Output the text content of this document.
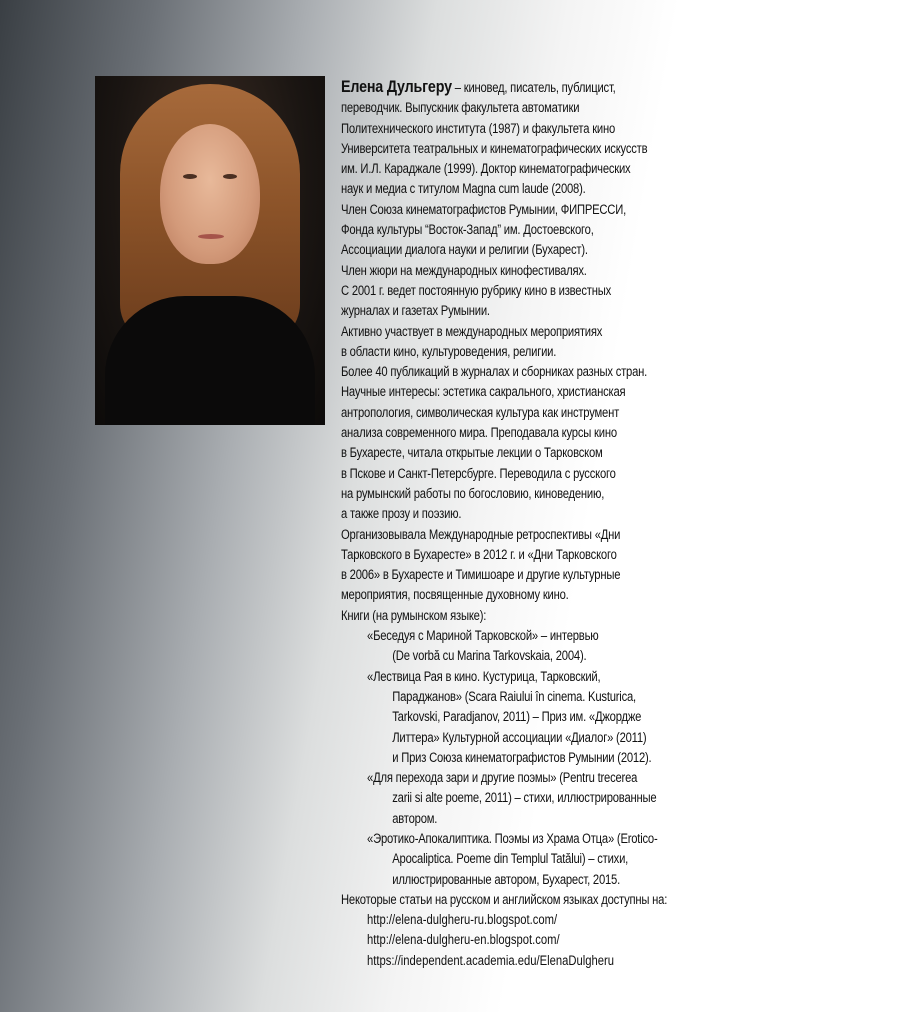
Елена Дульгеру – киновед, писатель, публицист,
переводчик. Выпускник факультета автоматики
Политехнического института (1987) и факультета кино
Университета театральных и кинематографических искусств
им. И.Л. Караджале (1999). Доктор кинематографических
наук и медиа с титулом Magna cum laude (2008).
Член Союза кинематографистов Румынии, ФИПРЕССИ,
Фонда культуры “Восток-Запад” им. Достоевского,
Ассоциации диалога науки и религии (Бухарест).
Член жюри на международных кинофестивалях.
С 2001 г. ведет постоянную рубрику кино в известных
журналах и газетах Румынии.
Активно участвует в международных мероприятиях
в области кино, культуроведения, религии.
Более 40 публикаций в журналах и сборниках разных стран.
Научные интересы: эстетика сакрального, христианская
антропология, символическая культура как инструмент
анализа современного мира. Преподавала курсы кино
в Бухаресте, читала открытые лекции о Тарковском
в Пскове и Санкт-Петерсбурге. Переводила с русского
на румынский работы по богословию, киноведению,
а также прозу и поэзию.
Организовывала Международные ретроспективы «Дни
Тарковского в Бухаресте» в 2012 г. и «Дни Тарковского
в 2006» в Бухаресте и Тимишоаре и другие культурные
мероприятия, посвященные духовному кино.
Книги (на румынском языке):
«Беседуя с Мариной Тарковской» – интервью
(De vorbă cu Marina Tarkovskaia, 2004).
«Лествица Рая в кино. Кустурица, Тарковский,
Параджанов» (Scara Raiului în cinema. Kusturica,
Tarkovski, Paradjanov, 2011) – Приз им. «Джордже
Литтера» Культурной ассоциации «Диалог» (2011)
и Приз Союза кинематографистов Румынии (2012).
«Для перехода зари и другие поэмы» (Pentru trecerea
zarii si alte poeme, 2011) – стихи, иллюстрированные
автором.
«Эротико-Апокалиптика. Поэмы из Храма Отца» (Erotico-
Apocaliptica. Poeme din Templul Tatălui) – стихи,
иллюстрированные автором, Бухарест, 2015.
Некоторые статьи на русском и английском языках доступны на:
http://elena-dulgheru-ru.blogspot.com/
http://elena-dulgheru-en.blogspot.com/
https://independent.academia.edu/ElenaDulgheru
